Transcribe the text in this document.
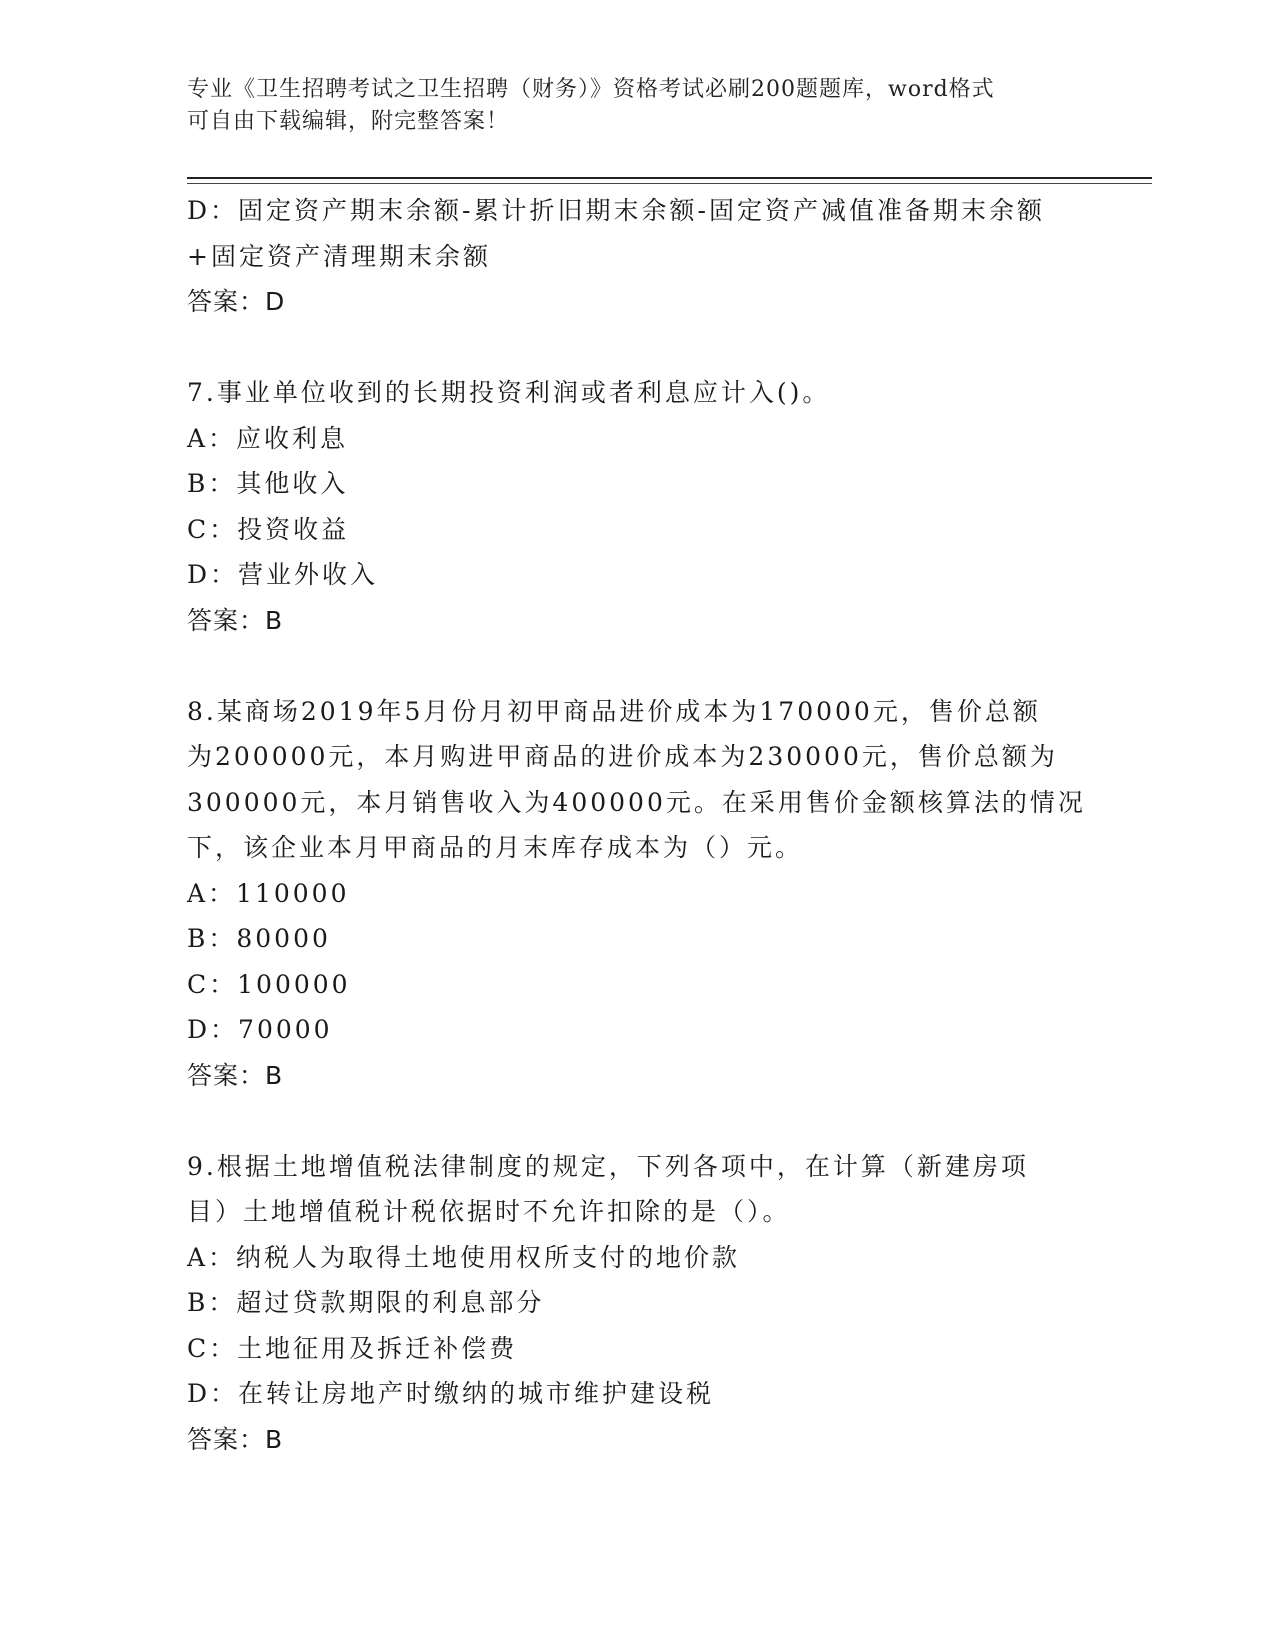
专业《卫生招聘考试之卫生招聘（财务）》资格考试必刷200题题库，word格式
可自由下载编辑，附完整答案！
D：固定资产期末余额-累计折旧期末余额-固定资产减值准备期末余额
+固定资产清理期末余额
答案：D
7.事业单位收到的长期投资利润或者利息应计入()。
A：应收利息
B：其他收入
C：投资收益
D：营业外收入
答案：B
8.某商场2019年5月份月初甲商品进价成本为170000元，售价总额
为200000元，本月购进甲商品的进价成本为230000元，售价总额为
300000元，本月销售收入为400000元。在采用售价金额核算法的情况
下，该企业本月甲商品的月末库存成本为（）元。
A：110000
B：80000
C：100000
D：70000
答案：B
9.根据土地增值税法律制度的规定，下列各项中，在计算（新建房项
目）土地增值税计税依据时不允许扣除的是（）。
A：纳税人为取得土地使用权所支付的地价款
B：超过贷款期限的利息部分
C：土地征用及拆迁补偿费
D：在转让房地产时缴纳的城市维护建设税
答案：B
